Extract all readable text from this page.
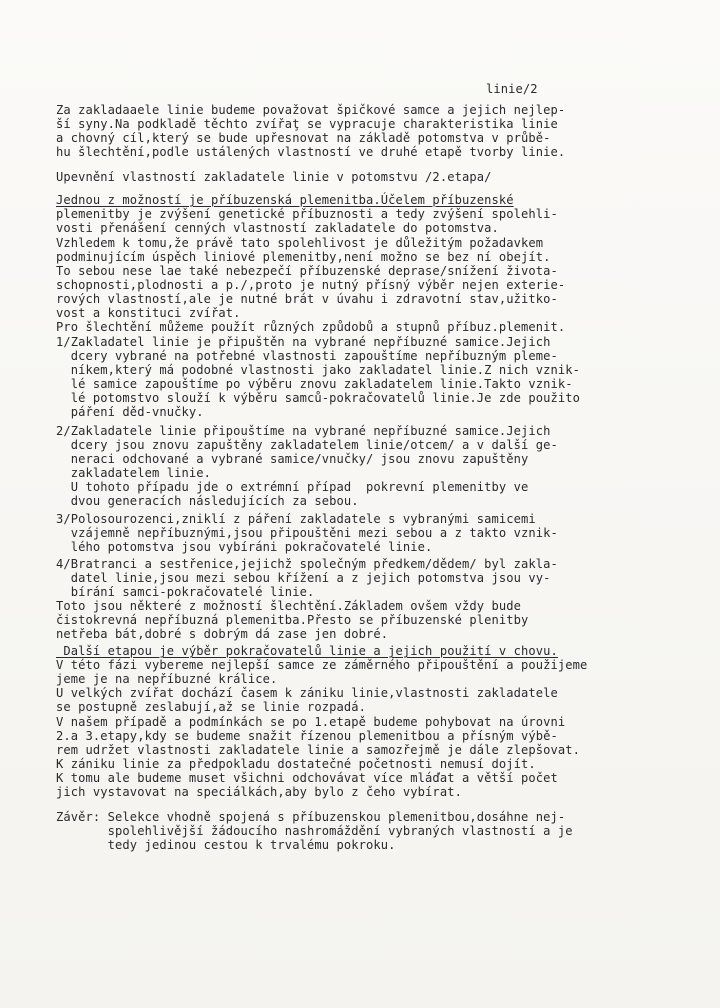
linie/2
Za zakladaaele linie budeme považovat špičkové samce a jejich nejlep-
ší syny.Na podkladě těchto zvířaţ se vypracuje charakteristika linie
a chovný cíl,který se bude upřesnovat na základě potomstva v průbě-
hu šlechtění,podle ustálených vlastností ve druhé etapě tvorby linie.
Upevnění vlastností zakladatele linie v potomstvu /2.etapa/
Jednou z možností je příbuzenská plemenitba.Účelem příbuzenské
plemenitby je zvýšení genetické příbuznosti a tedy zvýšení spolehli-
vosti přenášení cenných vlastností zakladatele do potomstva.
Vzhledem k tomu,že právě tato spolehlivost je důležitým požadavkem
podminujícím úspěch liniové plemenitby,není možno se bez ní obejít.
To sebou nese lae také nebezpečí příbuzenské deprase/snížení života-
schopnosti,plodnosti a p./,proto je nutný přísný výběr nejen exterie-
rových vlastností,ale je nutné brát v úvahu i zdravotní stav,užitko-
vost a konstituci zvířat.
Pro šlechtění můžeme použít různých způdobů a stupnů příbuz.plemenit.
1/Zakladatel linie je připuštěn na vybrané nepříbuzné samice.Jejich
dcery vybrané na potřebné vlastnosti zapouštíme nepříbuzným pleme-
níkem,který má podobné vlastnosti jako zakladatel linie.Z nich vznik-
lé samice zapouštíme po výběru znovu zakladatelem linie.Takto vznik-
lé potomstvo slouží k výběru samců-pokračovatelů linie.Je zde použito
páření děd-vnučky.
2/Zakladatele linie připouštíme na vybrané nepříbuzné samice.Jejich
dcery jsou znovu zapuštěny zakladatelem linie/otcem/ a v další ge-
neraci odchované a vybrané samice/vnučky/ jsou znovu zapuštěny
zakladatelem linie.
U tohoto případu jde o extrémní případ  pokrevní plemenitby ve
dvou generacích následujících za sebou.
3/Polosourozenci,zniklí z páření zakladatele s vybranými samicemi
vzájemně nepříbuznými,jsou připouštěni mezi sebou a z takto vznik-
lého potomstva jsou vybíráni pokračovatelé linie.
4/Bratranci a sestřenice,jejichž společným předkem/dědem/ byl zakla-
datel linie,jsou mezi sebou křížení a z jejich potomstva jsou vy-
bírání samci-pokračovatelé linie.
Toto jsou některé z možností šlechtění.Základem ovšem vždy bude
čistokrevná nepříbuzná plemenitba.Přesto se příbuzenské plenitby
netřeba bát,dobré s dobrým dá zase jen dobré.
Další etapou je výběr pokračovatelů linie a jejich použití v chovu.
V této fázi vybereme nejlepší samce ze záměrného připouštění a použijeme
jeme je na nepříbuzné králice.
U velkých zvířat dochází časem k zániku linie,vlastnosti zakladatele
se postupně zeslabují,až se linie rozpadá.
V našem případě a podmínkách se po 1.etapě budeme pohybovat na úrovni
2.a 3.etapy,kdy se budeme snažit řízenou plemenitbou a přísným výbě-
rem udržet vlastnosti zakladatele linie a samozřejmě je dále zlepšovat.
K zániku linie za předpokladu dostatečné početnosti nemusí dojít.
K tomu ale budeme muset všichni odchovávat více mláďat a větší počet
jich vystavovat na speciálkách,aby bylo z čeho vybírat.
Závěr: Selekce vhodně spojená s příbuzenskou plemenitbou,dosáhne nej-
spolehlivější žádoucího nashromáždění vybraných vlastností a je
tedy jedinou cestou k trvalému pokroku.
